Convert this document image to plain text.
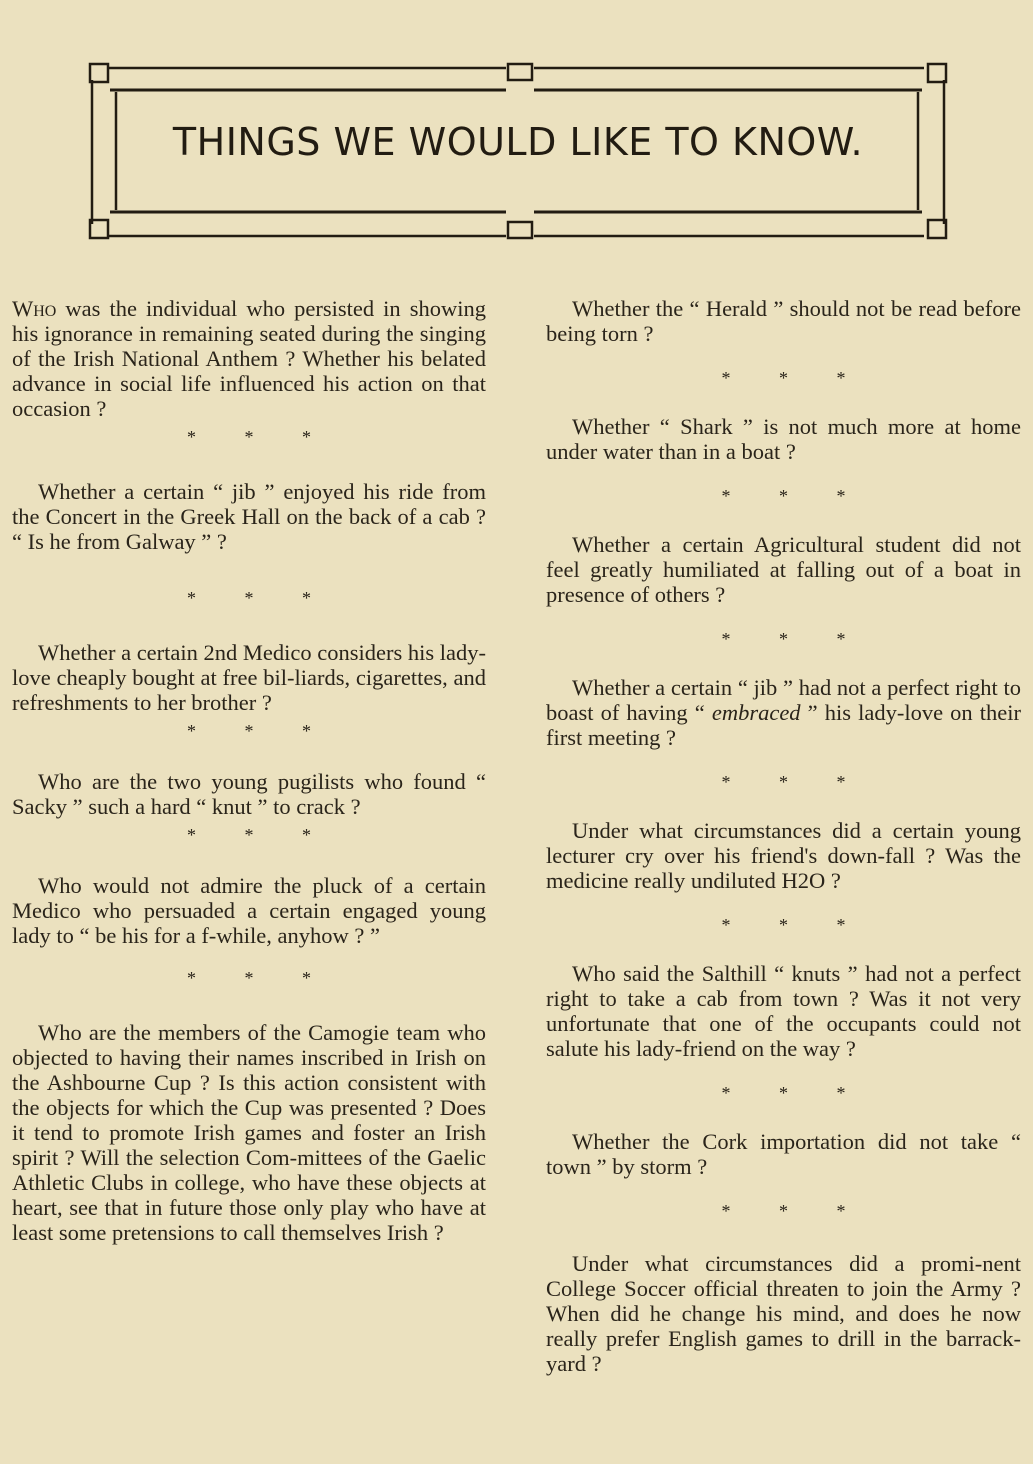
THINGS WE WOULD LIKE TO KNOW.

Who was the individual who persisted in showing his ignorance in remaining seated during the singing of the Irish National Anthem ? Whether his belated advance in social life influenced his action on that occasion ?

* * *

Whether a certain “ jib ” enjoyed his ride from the Concert in the Greek Hall on the back of a cab ? “ Is he from Galway ” ?

* * *

Whether a certain 2nd Medico considers his lady-love cheaply bought at free bil-liards, cigarettes, and refreshments to her brother ?

* * *

Who are the two young pugilists who found “ Sacky ” such a hard “ knut ” to crack ?

* * *

Who would not admire the pluck of a certain Medico who persuaded a certain engaged young lady to “ be his for a f-while, anyhow ? ”

* * *

Who are the members of the Camogie team who objected to having their names inscribed in Irish on the Ashbourne Cup ? Is this action consistent with the objects for which the Cup was presented ? Does it tend to promote Irish games and foster an Irish spirit ? Will the selection Com-mittees of the Gaelic Athletic Clubs in college, who have these objects at heart, see that in future those only play who have at least some pretensions to call themselves Irish ?

Whether the “ Herald ” should not be read before being torn ?

* * *

Whether “ Shark ” is not much more at home under water than in a boat ?

* * *

Whether a certain Agricultural student did not feel greatly humiliated at falling out of a boat in presence of others ?

* * *

Whether a certain “ jib ” had not a perfect right to boast of having “ embraced ” his lady-love on their first meeting ?

* * *

Under what circumstances did a certain young lecturer cry over his friend's down-fall ? Was the medicine really undiluted H2O ?

* * *

Who said the Salthill “ knuts ” had not a perfect right to take a cab from town ? Was it not very unfortunate that one of the occupants could not salute his lady-friend on the way ?

* * *

Whether the Cork importation did not take “ town ” by storm ?

* * *

Under what circumstances did a promi-nent College Soccer official threaten to join the Army ? When did he change his mind, and does he now really prefer English games to drill in the barrack-yard ?
